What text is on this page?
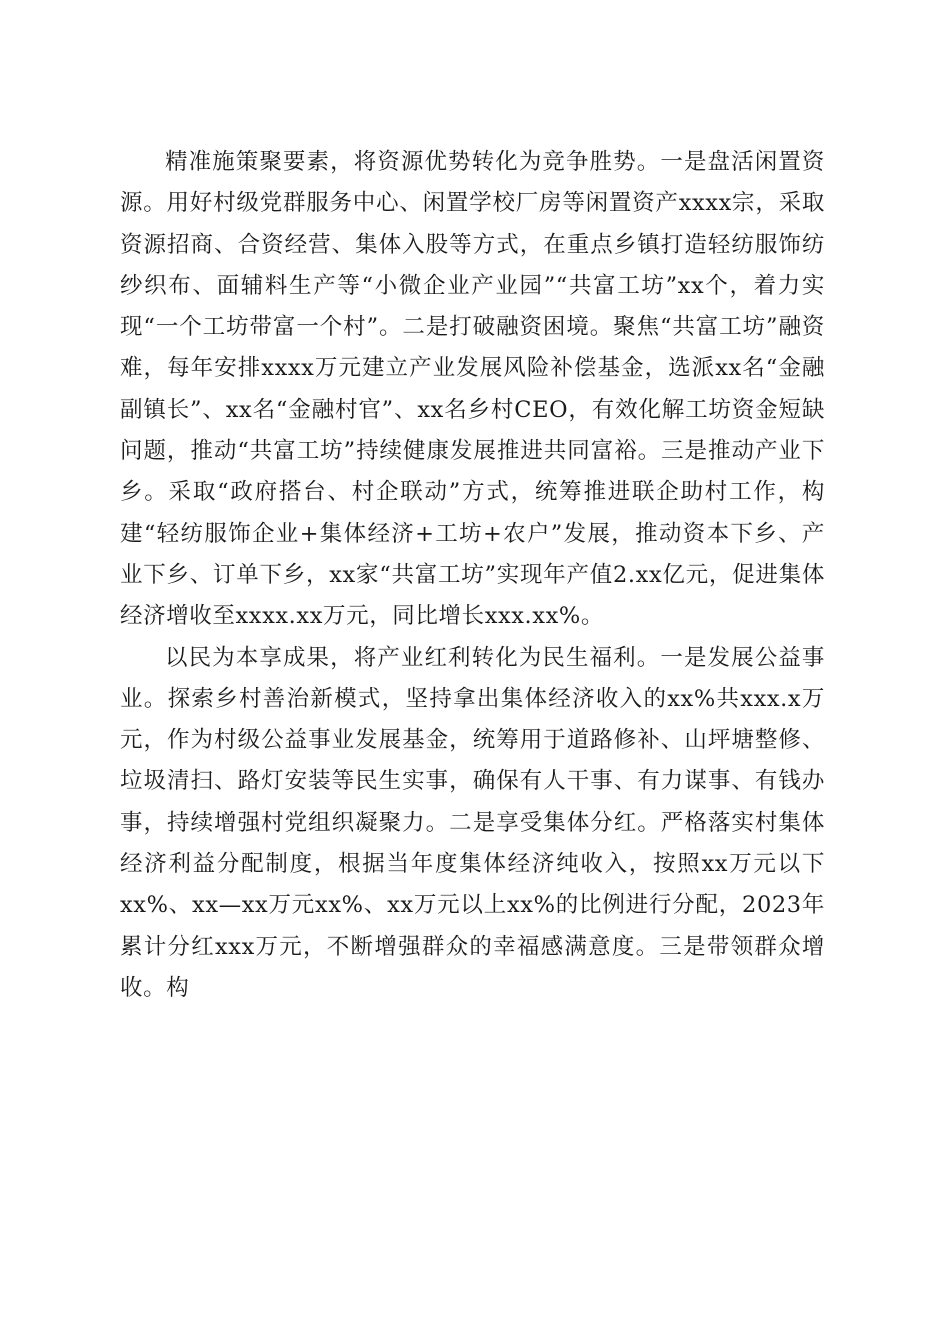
精准施策聚要素，将资源优势转化为竞争胜势。一是盘活闲置资源。用好村级党群服务中心、闲置学校厂房等闲置资产xxxx宗，采取资源招商、合资经营、集体入股等方式，在重点乡镇打造轻纺服饰纺纱织布、面辅料生产等“小微企业产业园”“共富工坊”xx个，着力实现“一个工坊带富一个村”。二是打破融资困境。聚焦“共富工坊”融资难，每年安排xxxx万元建立产业发展风险补偿基金，选派xx名“金融副镇长”、xx名“金融村官”、xx名乡村CEO，有效化解工坊资金短缺问题，推动“共富工坊”持续健康发展推进共同富裕。三是推动产业下乡。采取“政府搭台、村企联动”方式，统筹推进联企助村工作，构建“轻纺服饰企业+集体经济+工坊+农户”发展，推动资本下乡、产业下乡、订单下乡，xx家“共富工坊”实现年产值2.xx亿元，促进集体经济增收至xxxx.xx万元，同比增长xxx.xx%。

以民为本享成果，将产业红利转化为民生福利。一是发展公益事业。探索乡村善治新模式，坚持拿出集体经济收入的xx%共xxx.x万元，作为村级公益事业发展基金，统筹用于道路修补、山坪塘整修、垃圾清扫、路灯安装等民生实事，确保有人干事、有力谋事、有钱办事，持续增强村党组织凝聚力。二是享受集体分红。严格落实村集体经济利益分配制度，根据当年度集体经济纯收入，按照xx万元以下xx%、xx—xx万元xx%、xx万元以上xx%的比例进行分配，2023年累计分红xxx万元，不断增强群众的幸福感满意度。三是带领群众增收。构
